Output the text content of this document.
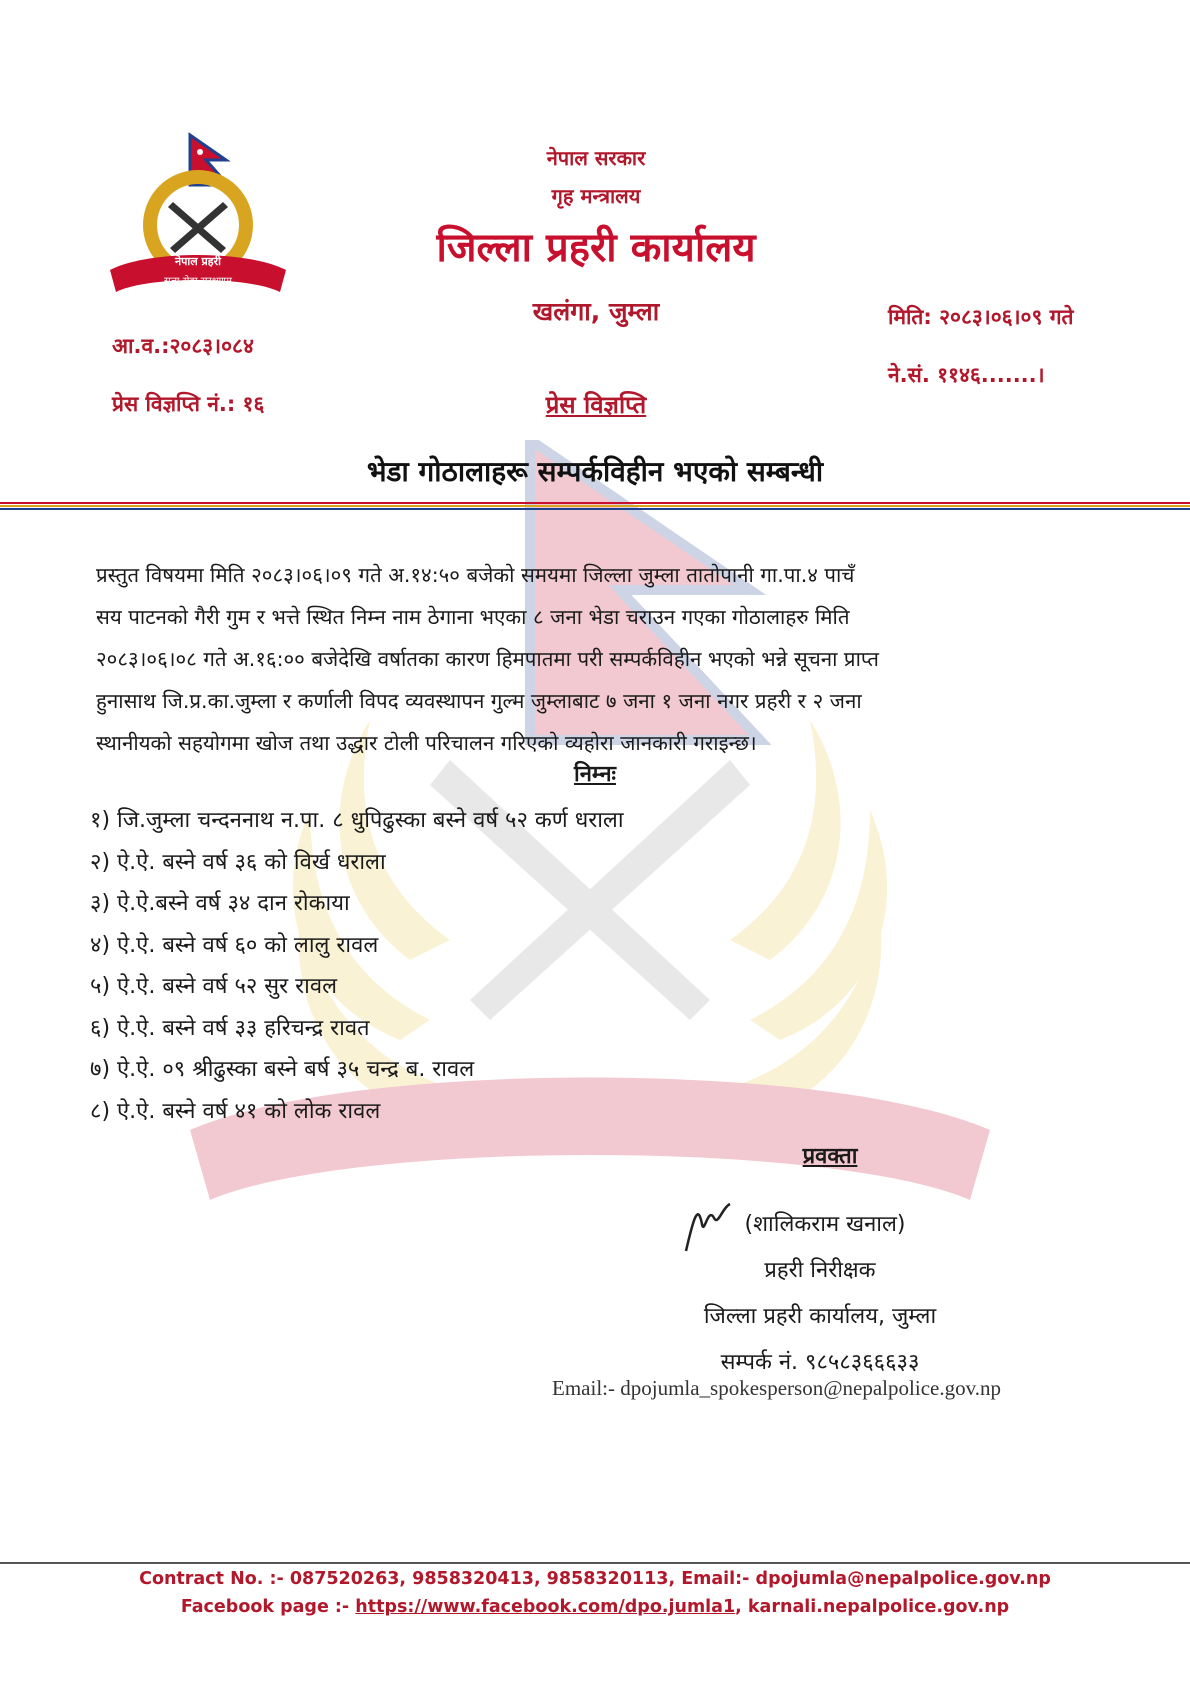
नेपाल प्रहरी
सत्य सेवा सुरक्षणम्
नेपाल सरकार
गृह मन्त्रालय
जिल्ला प्रहरी कार्यालय
खलंगा, जुम्ला
आ.व.:२०८३।०८४
प्रेस विज्ञप्ति नं.: १६
मिति: २०८३।०६।०९ गते
ने.सं. ११४६.......।
प्रेस विज्ञप्ति
भेडा गोठालाहरू सम्पर्कविहीन भएको सम्बन्धी
प्रस्तुत विषयमा मिति २०८३।०६।०९ गते अ.१४:५० बजेको समयमा जिल्ला जुम्ला तातोपानी गा.पा.४ पाचँ
सय पाटनको गैरी गुम र भत्ते स्थित निम्न नाम ठेगाना भएका ८ जना भेडा चराउन गएका गोठालाहरु मिति
२०८३।०६।०८ गते अ.१६:०० बजेदेखि वर्षातका कारण हिमपातमा परी सम्पर्कविहीन भएको भन्ने सूचना प्राप्त
हुनासाथ जि.प्र.का.जुम्ला र कर्णाली विपद व्यवस्थापन गुल्म जुम्लाबाट ७ जना १ जना नगर प्रहरी र २ जना
स्थानीयको सहयोगमा खोज तथा उद्धार टोली परिचालन गरिएको व्यहोरा जानकारी गराइन्छ।
निम्नः
१) जि.जुम्ला चन्दननाथ न.पा. ८ धुपिढुस्का बस्ने वर्ष ५२ कर्ण धराला
२) ऐ.ऐ. बस्ने वर्ष ३६ को विर्ख धराला
३) ऐ.ऐ.बस्ने वर्ष ३४ दान रोकाया
४) ऐ.ऐ. बस्ने वर्ष ६० को लालु रावल
५) ऐ.ऐ. बस्ने वर्ष ५२ सुर रावल
६) ऐ.ऐ. बस्ने वर्ष ३३ हरिचन्द्र रावत
७) ऐ.ऐ. ०९ श्रीढुस्का बस्ने बर्ष ३५ चन्द्र ब. रावल
८) ऐ.ऐ. बस्ने वर्ष ४१ को लोक रावल
प्रवक्ता
(शालिकराम खनाल)
प्रहरी निरीक्षक
जिल्ला प्रहरी कार्यालय, जुम्ला
सम्पर्क नं. ९८५८३६६६३३
Email:- dpojumla_spokesperson@nepalpolice.gov.np
Contract No. :- 087520263, 9858320413, 9858320113, Email:- dpojumla@nepalpolice.gov.np
Facebook page :- https://www.facebook.com/dpo.jumla1, karnali.nepalpolice.gov.np
